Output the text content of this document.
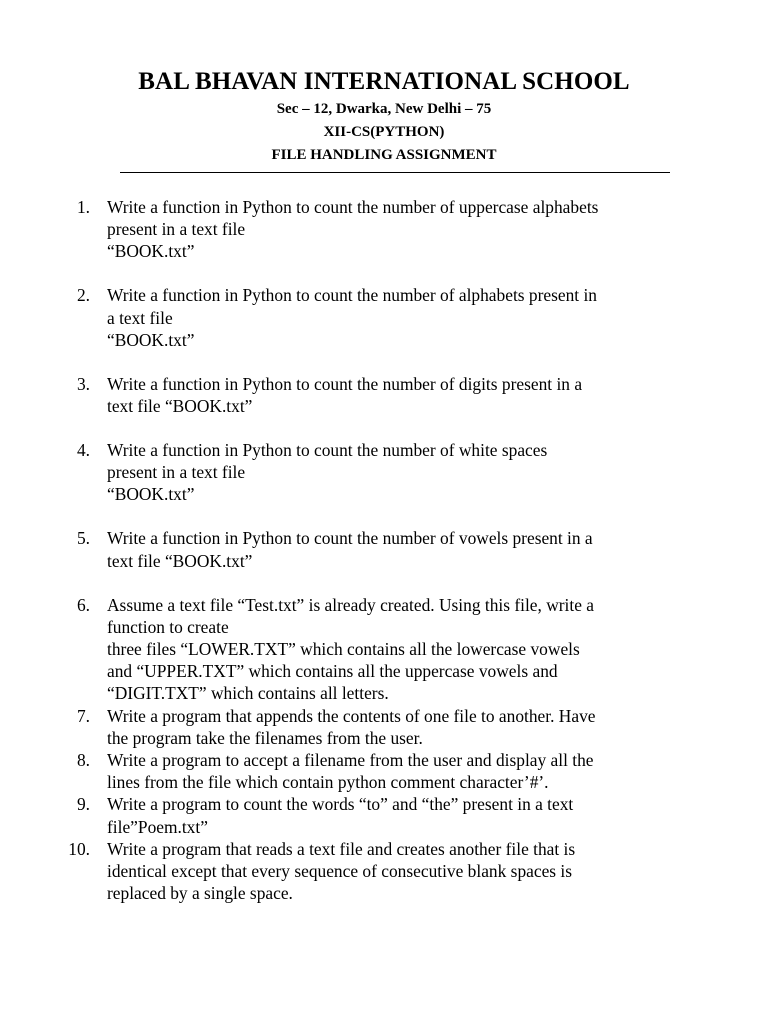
BAL BHAVAN INTERNATIONAL SCHOOL
Sec – 12, Dwarka, New Delhi – 75
XII-CS(PYTHON)
FILE HANDLING ASSIGNMENT
1. Write a function in Python to count the number of uppercase alphabets
present in a text file
“BOOK.txt”
2. Write a function in Python to count the number of alphabets present in
a text file
“BOOK.txt”
3. Write a function in Python to count the number of digits present in a
text file “BOOK.txt”
4. Write a function in Python to count the number of white spaces
present in a text file
“BOOK.txt”
5. Write a function in Python to count the number of vowels present in a
text file “BOOK.txt”
6. Assume a text file “Test.txt” is already created. Using this file, write a
function to create
three files “LOWER.TXT” which contains all the lowercase vowels
and “UPPER.TXT” which contains all the uppercase vowels and
“DIGIT.TXT” which contains all letters.
7. Write a program that appends the contents of one file to another. Have
the program take the filenames from the user.
8. Write a program to accept a filename from the user and display all the
lines from the file which contain python comment character’#’.
9. Write a program to count the words “to” and “the” present in a text
file”Poem.txt”
10. Write a program that reads a text file and creates another file that is
identical except that every sequence of consecutive blank spaces is
replaced by a single space.
